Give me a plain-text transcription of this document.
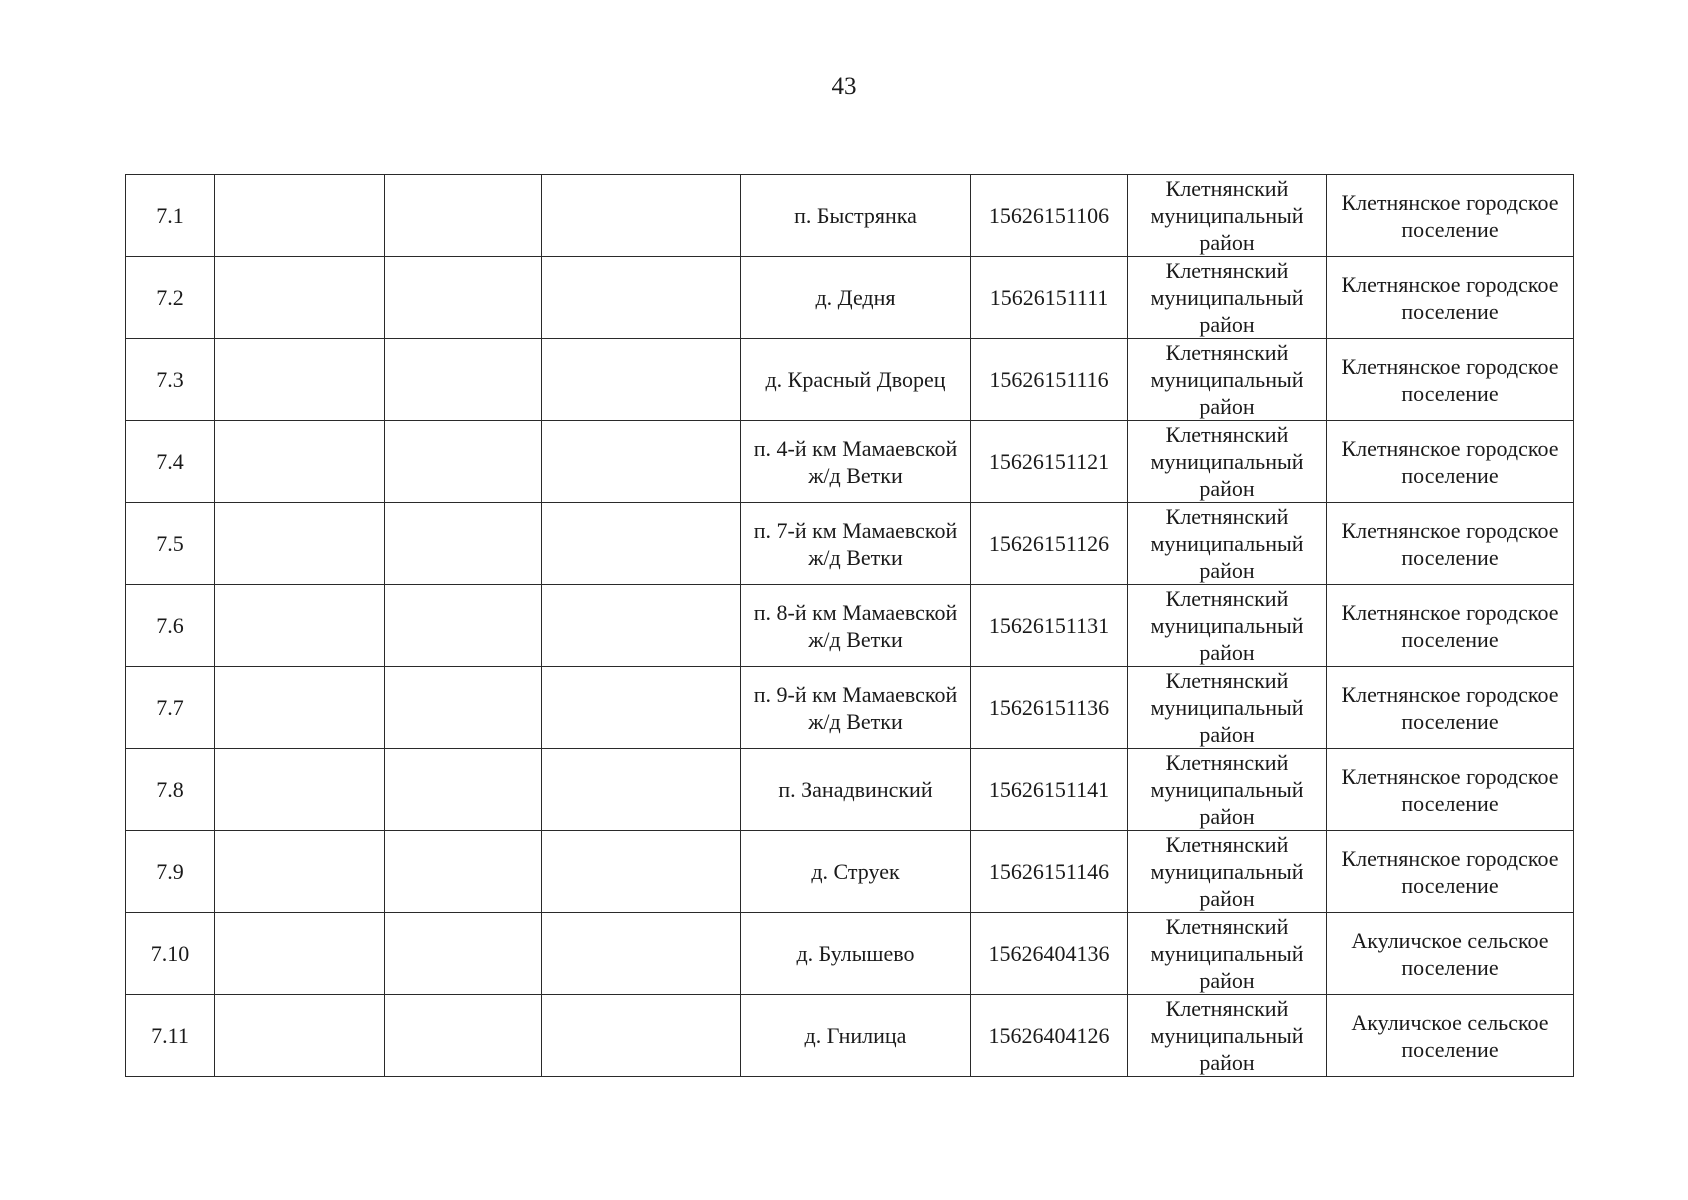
43
7.1				п. Быстрянка	15626151106	Клетнянский муниципальный район	Клетнянское городское поселение
7.2				д. Дедня	15626151111	Клетнянский муниципальный район	Клетнянское городское поселение
7.3				д. Красный Дворец	15626151116	Клетнянский муниципальный район	Клетнянское городское поселение
7.4				п. 4-й км Мамаевской ж/д Ветки	15626151121	Клетнянский муниципальный район	Клетнянское городское поселение
7.5				п. 7-й км Мамаевской ж/д Ветки	15626151126	Клетнянский муниципальный район	Клетнянское городское поселение
7.6				п. 8-й км Мамаевской ж/д Ветки	15626151131	Клетнянский муниципальный район	Клетнянское городское поселение
7.7				п. 9-й км Мамаевской ж/д Ветки	15626151136	Клетнянский муниципальный район	Клетнянское городское поселение
7.8				п. Занадвинский	15626151141	Клетнянский муниципальный район	Клетнянское городское поселение
7.9				д. Струек	15626151146	Клетнянский муниципальный район	Клетнянское городское поселение
7.10				д. Булышево	15626404136	Клетнянский муниципальный район	Акуличское сельское поселение
7.11				д. Гнилица	15626404126	Клетнянский муниципальный район	Акуличское сельское поселение
